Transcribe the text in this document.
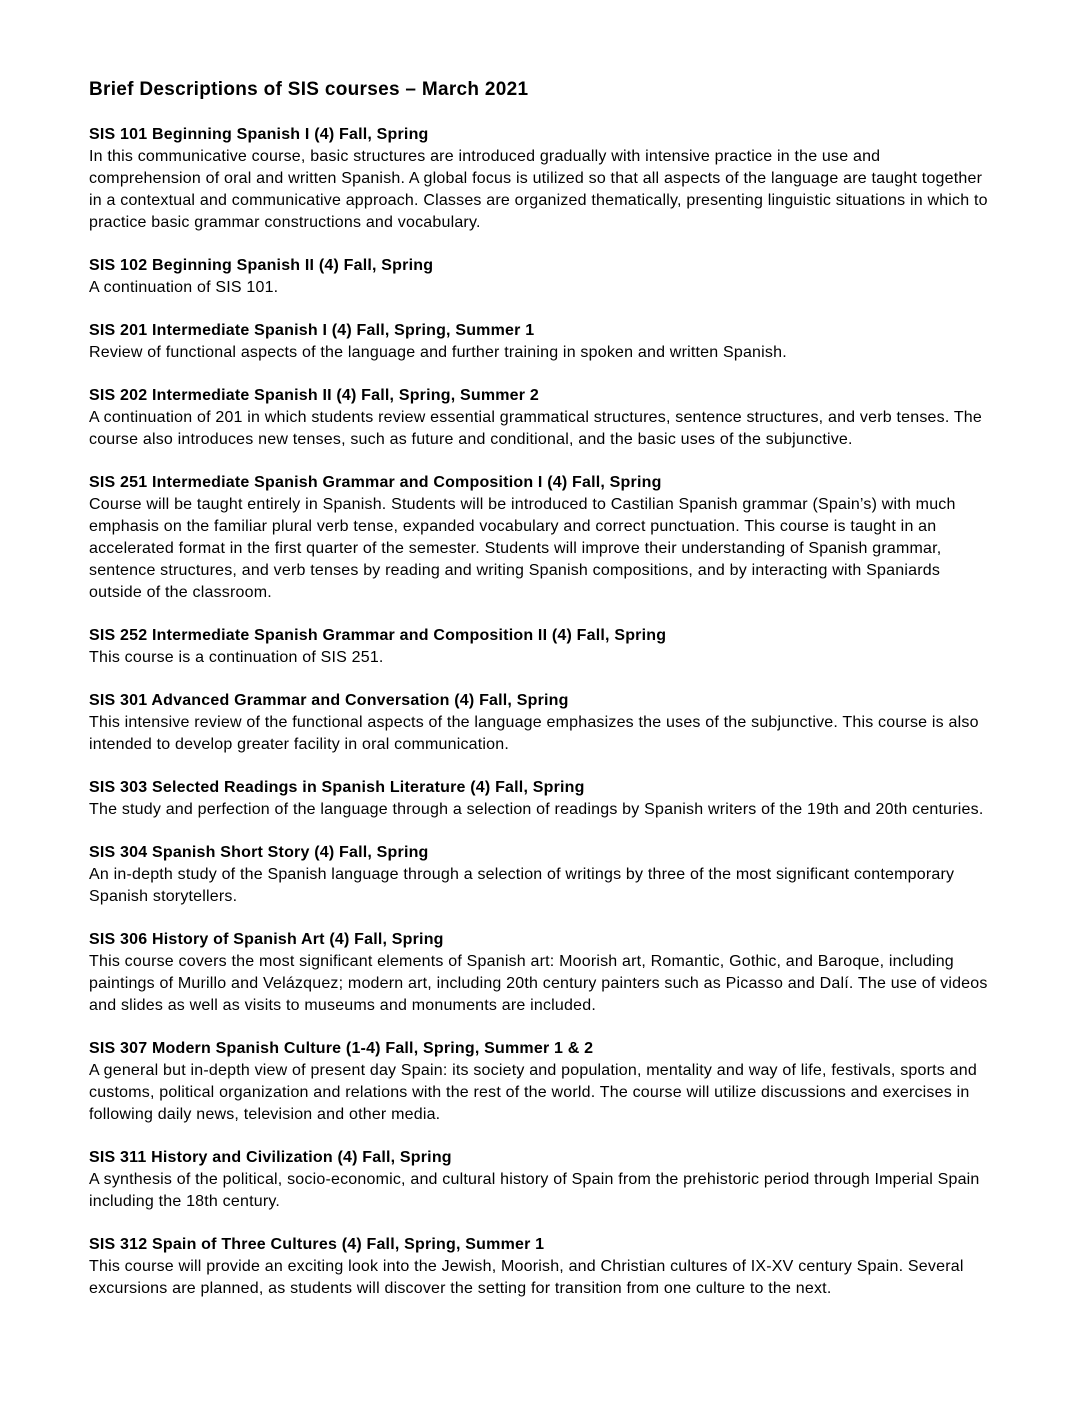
Brief Descriptions of SIS courses – March 2021
SIS 101 Beginning Spanish I (4) Fall, Spring

In this communicative course, basic structures are introduced gradually with intensive practice in the use and comprehension of oral and written Spanish. A global focus is utilized so that all aspects of the language are taught together in a contextual and communicative approach. Classes are organized thematically, presenting linguistic situations in which to practice basic grammar constructions and vocabulary.

SIS 102 Beginning Spanish II (4) Fall, Spring

A continuation of SIS 101.

SIS 201 Intermediate Spanish I (4) Fall, Spring, Summer 1

Review of functional aspects of the language and further training in spoken and written Spanish.

SIS 202 Intermediate Spanish II (4) Fall, Spring, Summer 2

A continuation of 201 in which students review essential grammatical structures, sentence structures, and verb tenses. The course also introduces new tenses, such as future and conditional, and the basic uses of the subjunctive.

SIS 251 Intermediate Spanish Grammar and Composition I (4) Fall, Spring

Course will be taught entirely in Spanish. Students will be introduced to Castilian Spanish grammar (Spain’s) with much emphasis on the familiar plural verb tense, expanded vocabulary and correct punctuation. This course is taught in an accelerated format in the first quarter of the semester. Students will improve their understanding of Spanish grammar, sentence structures, and verb tenses by reading and writing Spanish compositions, and by interacting with Spaniards outside of the classroom.

SIS 252 Intermediate Spanish Grammar and Composition II (4) Fall, Spring

This course is a continuation of SIS 251.

SIS 301 Advanced Grammar and Conversation (4) Fall, Spring

This intensive review of the functional aspects of the language emphasizes the uses of the subjunctive. This course is also intended to develop greater facility in oral communication.

SIS 303 Selected Readings in Spanish Literature (4) Fall, Spring

The study and perfection of the language through a selection of readings by Spanish writers of the 19th and 20th centuries.

SIS 304 Spanish Short Story (4) Fall, Spring

An in-depth study of the Spanish language through a selection of writings by three of the most significant contemporary Spanish storytellers.

SIS 306 History of Spanish Art (4) Fall, Spring

This course covers the most significant elements of Spanish art: Moorish art, Romantic, Gothic, and Baroque, including paintings of Murillo and Velázquez; modern art, including 20th century painters such as Picasso and Dalí. The use of videos and slides as well as visits to museums and monuments are included.

SIS 307 Modern Spanish Culture (1-4) Fall, Spring, Summer 1 & 2

A general but in-depth view of present day Spain: its society and population, mentality and way of life, festivals, sports and customs, political organization and relations with the rest of the world. The course will utilize discussions and exercises in following daily news, television and other media.

SIS 311 History and Civilization (4) Fall, Spring

A synthesis of the political, socio-economic, and cultural history of Spain from the prehistoric period through Imperial Spain including the 18th century.

SIS 312 Spain of Three Cultures (4) Fall, Spring, Summer 1

This course will provide an exciting look into the Jewish, Moorish, and Christian cultures of IX-XV century Spain. Several excursions are planned, as students will discover the setting for transition from one culture to the next.
